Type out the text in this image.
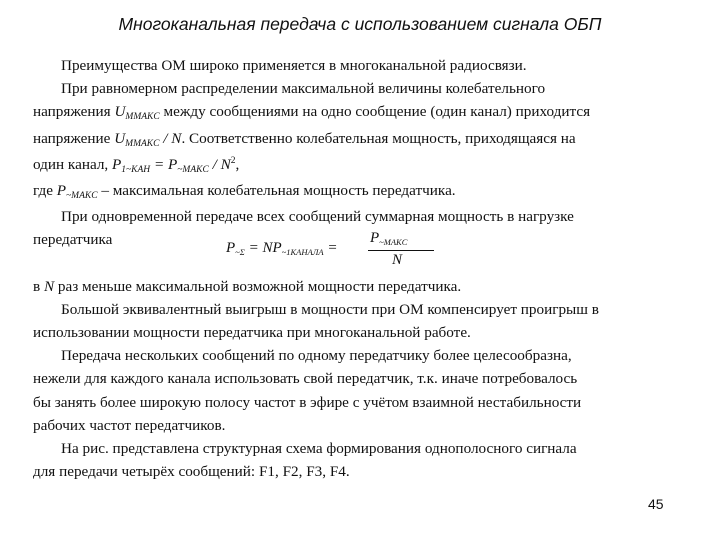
Многоканальная передача с использованием сигнала ОБП
Преимущества ОМ широко применяется в многоканальной радиосвязи.
При равномерном распределении максимальной величины колебательного
напряжения UMMAKC между сообщениями на одно сообщение (один канал) приходится
напряжение UMMAKC / N. Соответственно колебательная мощность, приходящаяся на
один канал, P1~KAH = P~MAKC / $N^2$,
где P~MAKC – максимальная колебательная мощность передатчика.
При одновременной передаче всех сообщений суммарная мощность в нагрузке
передатчика
в N раз меньше максимальной возможной мощности передатчика.
Большой эквивалентный выигрыш в мощности при ОМ компенсирует проигрыш в
использовании мощности передатчика при многоканальной работе.
Передача нескольких сообщений по одному передатчику более целесообразна,
нежели для каждого канала использовать свой передатчик, т.к. иначе потребовалось
бы занять более широкую полосу частот в эфире с учётом взаимной нестабильности
рабочих частот передатчиков.
На рис. представлена структурная схема формирования однополосного сигнала
для передачи четырёх сообщений: F1, F2, F3, F4.
$P_{\sim\Sigma} = NP_{\sim 1KAHAЛA}$ =
$P_{\sim MAKC}$
N
45
